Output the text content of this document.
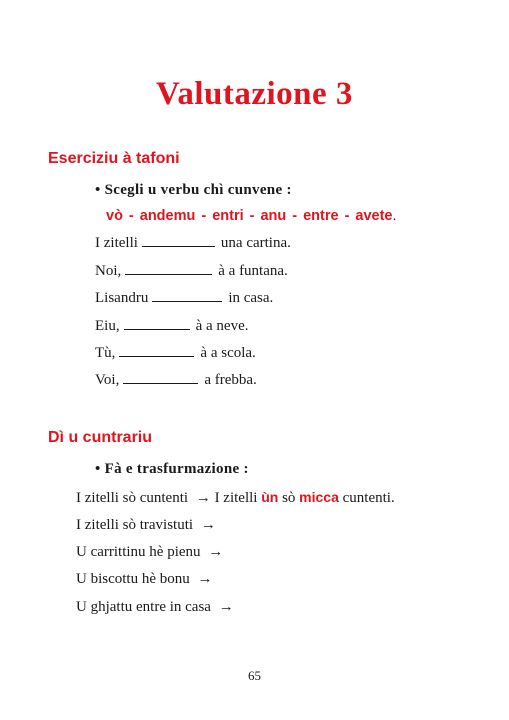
Valutazione 3
Eserciziu à tafoni
• Scegli u verbu chì cunvene :
vò - andemu - entri - anu - entre - avete.
I zitelli	una cartina.
Noi,	à a funtana.
Lisandru	in casa.
Eiu,	à a neve.
Tù,	à a scola.
Voi,	a frebba.
Dì u cuntrariu
• Fà e trasfurmazione :
I zitelli sò cuntenti → I zitelli ùn sò micca cuntenti.
I zitelli sò travistuti →
U carrittinu hè pienu →
U biscottu hè bonu →
U ghjattu entre in casa →
65
